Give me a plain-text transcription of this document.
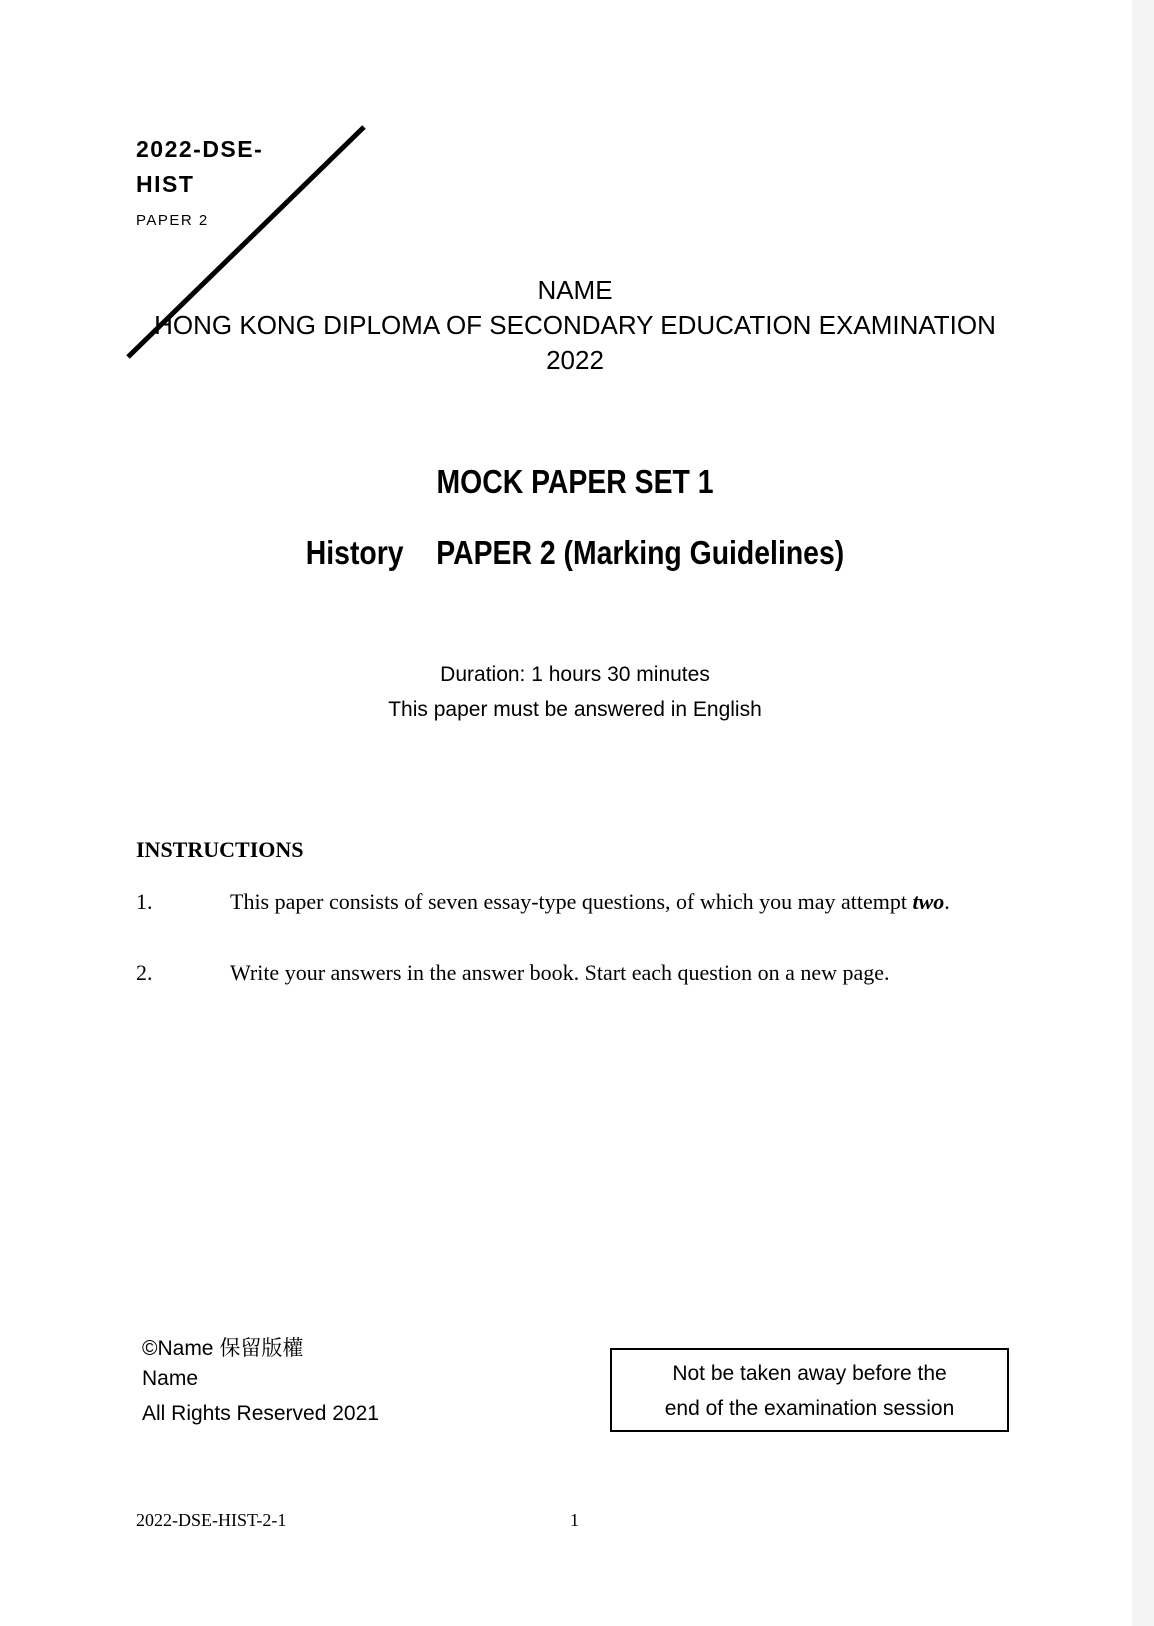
2022-DSE-
HIST
PAPER 2
NAME
HONG KONG DIPLOMA OF SECONDARY EDUCATION EXAMINATION
2022
MOCK PAPER SET 1
History PAPER 2 (Marking Guidelines)
Duration: 1 hours 30 minutes
This paper must be answered in English
INSTRUCTIONS
1.	This paper consists of seven essay-type questions, of which you may attempt two.
2.	Write your answers in the answer book. Start each question on a new page.
©Name 保留版權
Name
All Rights Reserved 2021
Not be taken away before the
end of the examination session
2022-DSE-HIST-2-1	1
